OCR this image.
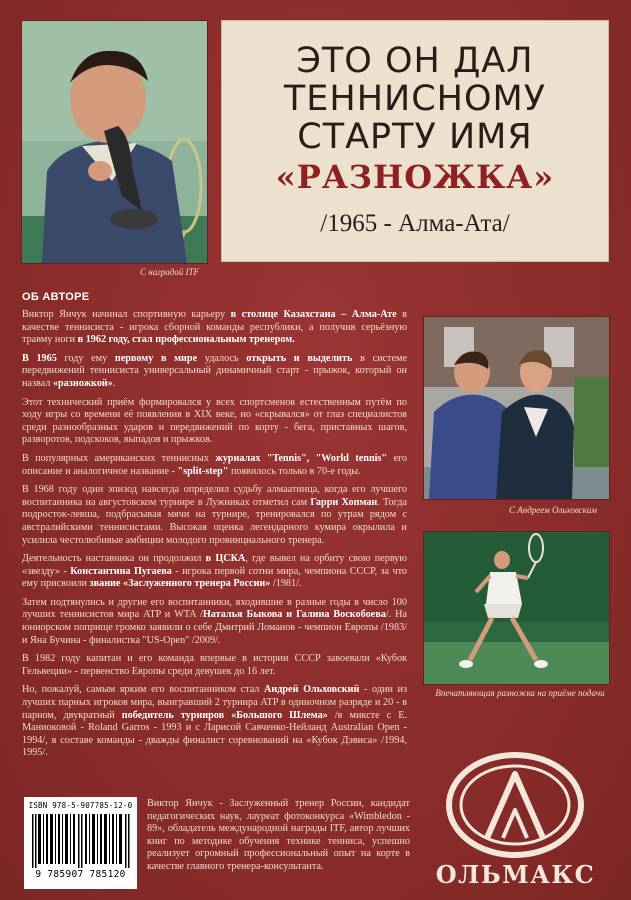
С наградой ITF
ЭТО ОН ДАЛ
ТЕННИСНОМУ
СТАРТУ ИМЯ
«РАЗНОЖКА»
/1965 - Алма-Ата/
ОБ АВТОРЕ

Виктор Янчук начинал спортивную карьеру в столице Казахстана – Алма-Ате в качестве теннисиста - игрока сборной команды республики, а получив серьёзную травму ноги в 1962 году, стал профессиональным тренером.

В 1965 году ему первому в мире удалось открыть и выделить в системе передвижений теннисиста универсальный динамичный старт - прыжок, который он назвал «разножкой».

Этот технический приём формировался у всех спортсменов естественным путём по ходу игры со времени её появления в XIX веке, но «скрывался» от глаз специалистов среди разнообразных ударов и передвижений по корту - бега, приставных шагов, разворотов, подскоков, выпадов и прыжков.

В популярных американских теннисных журналах "Tennis", "World tennis" его описание и аналогичное название - "split-step" появилось только в 70-е годы.

В 1968 году один эпизод навсегда определил судьбу алмаатинца, когда его лучшего воспитанника на августовском турнире в Лужниках отметил сам Гарри Хопман. Тогда подросток-левша, подбрасывая мячи на турнире, тренировался по утрам рядом с австралийскими теннисистами. Высокая оценка легендарного кумира окрылила и усилила честолюбивые амбиции молодого провинциального тренера.

Деятельность наставника он продолжил в ЦСКА, где вывел на орбиту свою первую «звезду» - Константина Пугаева - игрока первой сотни мира, чемпиона СССР, за что ему присвоили звание «Заслуженного тренера России» /1981/.

Затем подтянулись и другие его воспитанники, входившие в разные годы в число 100 лучших теннисистов мира ATP и WTA /Наталья Быкова и Галина Воскобоева/. На юниорском поприще громко заявили о себе Дмитрий Ломанов - чемпион Европы /1983/ и Яна Бучина - финалистка "US-Open" /2009/.

В 1982 году капитан и его команда впервые в истории СССР завоевали «Кубок Гельвеции» - первенство Европы среди девушек до 16 лет.

Но, пожалуй, самым ярким его воспитанником стал Андрей Ольховский - один из лучших парных игроков мира, выигравший 2 турнира ATP в одиночном разряде и 20 - в парном, двукратный победитель турниров «Большого Шлема» /в миксте с Е. Маниоковой - Roland Garros - 1993 и с Ларисой Савченко-Нейланд Australian Open - 1994/, в составе команды - дважды финалист соревнований на «Кубок Дэвиса» /1994, 1995/.

С Андреем Ольховским
Впечатляющая разножка на приёме подачи
ISBN 978-5-907785-12-0
9 785907 785120
Виктор Янчук - Заслуженный тренер России, кандидат педагогических наук, лауреат фотоконкурса «Wimbledon - 89», обладатель международной награды ITF, автор лучших книг по методике обучения технике тенниса, успешно реализует огромный профессиональный опыт на корте в качестве главного тренера-консультанта.	ОЛЬМАКС
